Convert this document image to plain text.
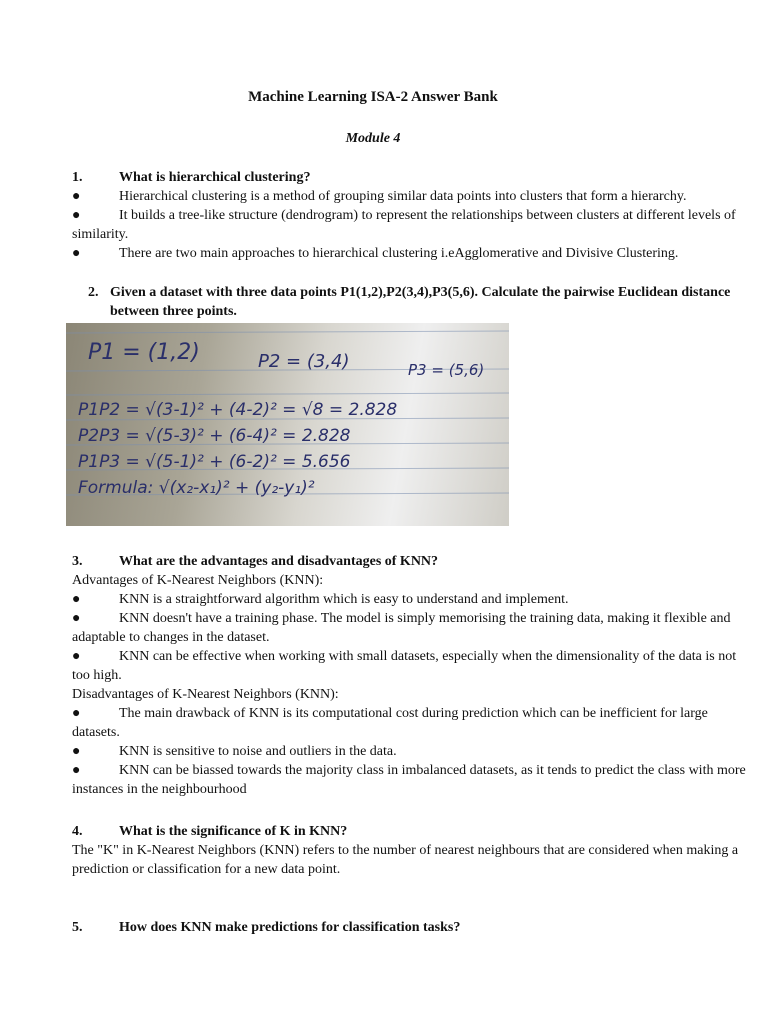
Machine Learning ISA-2 Answer Bank
Module 4
1.	What is hierarchical clustering?

●	Hierarchical clustering is a method of grouping similar data points into clusters that form a hierarchy.

●	It builds a tree-like structure (dendrogram) to represent the relationships between clusters at different levels of similarity.

●	There are two main approaches to hierarchical clustering i.eAgglomerative and Divisive Clustering.

2. Given a dataset with three data points P1(1,2),P2(3,4),P3(5,6). Calculate the pairwise Euclidean distance between three points.
3.	What are the advantages and disadvantages of KNN?

Advantages of K-Nearest Neighbors (KNN):

●	KNN is a straightforward algorithm which is easy to understand and implement.

●	KNN doesn't have a training phase. The model is simply memorising the training data, making it flexible and adaptable to changes in the dataset.

●	KNN can be effective when working with small datasets, especially when the dimensionality of the data is not too high.

Disadvantages of K-Nearest Neighbors (KNN):

●	The main drawback of KNN is its computational cost during prediction which can be inefficient for large datasets.

●	KNN is sensitive to noise and outliers in the data.

●	KNN can be biassed towards the majority class in imbalanced datasets, as it tends to predict the class with more instances in the neighbourhood

4.	What is the significance of K in KNN?

The "K" in K-Nearest Neighbors (KNN) refers to the number of nearest neighbours that are considered when making a prediction or classification for a new data point.

5.	How does KNN make predictions for classification tasks?
P1 = (1,2)	P2 = (3,4)	P3 = (5,6)
P1P2 = √(3-1)² + (4-2)² = √8 = 2.828
P2P3 = √(5-3)² + (6-4)² = 2.828
P1P3 = √(5-1)² + (6-2)² = 5.656
Formula: √(x₂-x₁)² + (y₂-y₁)²
